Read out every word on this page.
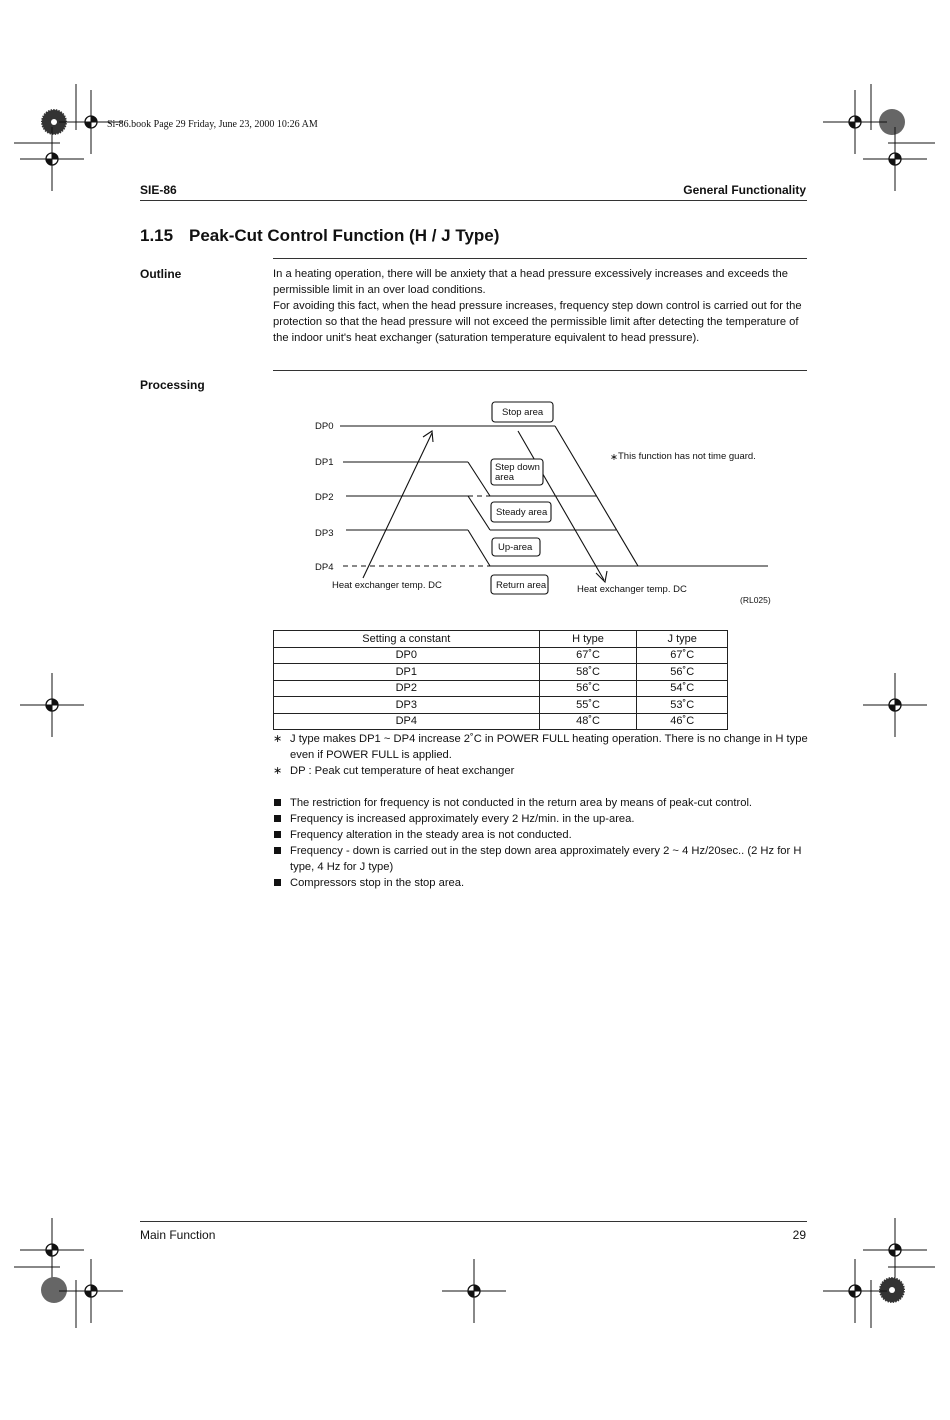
Si-86.book Page 29 Friday, June 23, 2000 10:26 AM
SIE-86	General Functionality
1.15 Peak-Cut Control Function (H / J Type)
Outline	In a heating operation, there will be anxiety that a head pressure excessively increases and exceeds the permissible limit in an over load conditions.

For avoiding this fact, when the head pressure increases, frequency step down control is carried out for the protection so that the head pressure will not exceed the permissible limit after detecting the temperature of the indoor unit's heat exchanger (saturation temperature equivalent to head pressure).

Processing
DP0
DP1
DP2
DP3
DP4
Stop area
Step down
area
Steady area
Up-area
Return area
∗ This function has not time guard.
Heat exchanger temp. DC	Heat exchanger temp. DC
(RL025)
Setting a constant	H type	J type
DP0	67˚C	67˚C
DP1	58˚C	56˚C
DP2	56˚C	54˚C
DP3	55˚C	53˚C
DP4	48˚C	46˚C
∗ J type makes DP1 ~ DP4 increase 2˚C in POWER FULL heating operation. There is no change in H type even if POWER FULL is applied.
∗ DP : Peak cut temperature of heat exchanger
The restriction for frequency is not conducted in the return area by means of peak-cut control.
Frequency is increased approximately every 2 Hz/min. in the up-area.
Frequency alteration in the steady area is not conducted.
Frequency - down is carried out in the step down area approximately every 2 ~ 4 Hz/20sec.. (2 Hz for H type, 4 Hz for J type)
Compressors stop in the stop area.
Main Function	29
